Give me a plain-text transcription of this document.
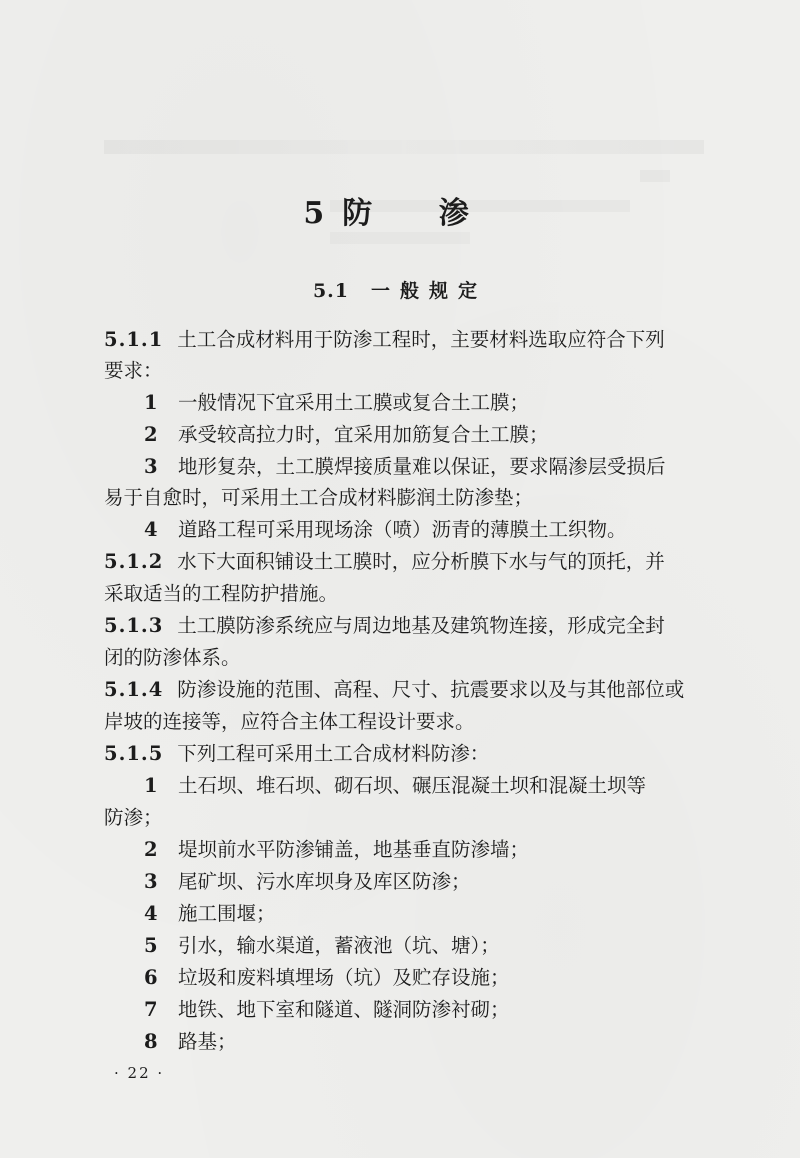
5 防 渗
5.1 一般规定
5.1.1 土工合成材料用于防渗工程时，主要材料选取应符合下列
要求：
1 一般情况下宜采用土工膜或复合土工膜；
2 承受较高拉力时，宜采用加筋复合土工膜；
3 地形复杂，土工膜焊接质量难以保证，要求隔渗层受损后
易于自愈时，可采用土工合成材料膨润土防渗垫；
4 道路工程可采用现场涂（喷）沥青的薄膜土工织物。
5.1.2 水下大面积铺设土工膜时，应分析膜下水与气的顶托，并
采取适当的工程防护措施。
5.1.3 土工膜防渗系统应与周边地基及建筑物连接，形成完全封
闭的防渗体系。
5.1.4 防渗设施的范围、高程、尺寸、抗震要求以及与其他部位或
岸坡的连接等，应符合主体工程设计要求。
5.1.5 下列工程可采用土工合成材料防渗：
1 土石坝、堆石坝、砌石坝、碾压混凝土坝和混凝土坝等
防渗；
2 堤坝前水平防渗铺盖，地基垂直防渗墙；
3 尾矿坝、污水库坝身及库区防渗；
4 施工围堰；
5 引水，输水渠道，蓄液池（坑、塘）；
6 垃圾和废料填埋场（坑）及贮存设施；
7 地铁、地下室和隧道、隧洞防渗衬砌；
8 路基；
· 22 ·
